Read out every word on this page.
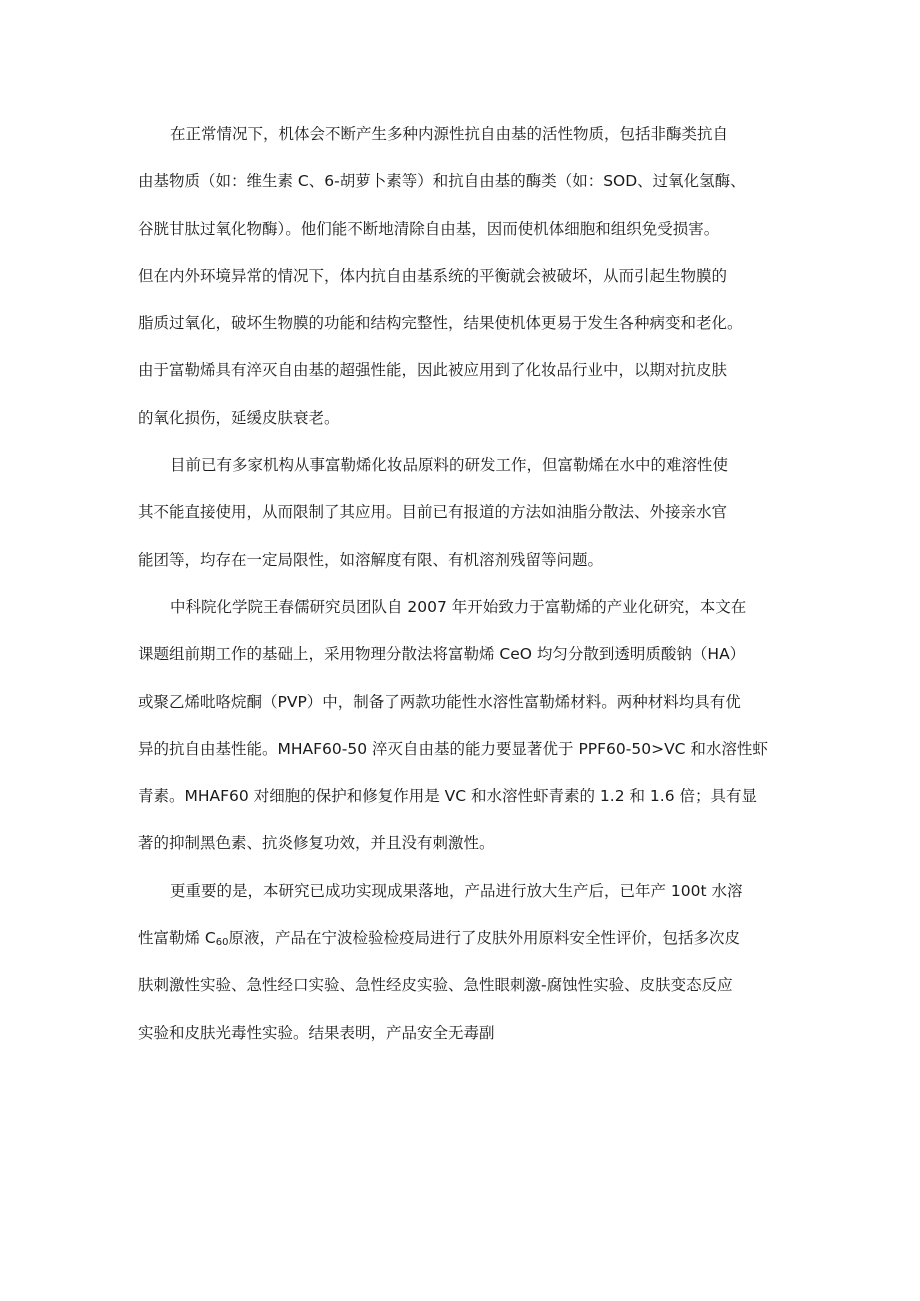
在正常情况下，机体会不断产生多种内源性抗自由基的活性物质，包括非酶类抗自
由基物质（如：维生素 C、6-胡萝卜素等）和抗自由基的酶类（如：SOD、过氧化氢酶、
谷胱甘肽过氧化物酶）。他们能不断地清除自由基，因而使机体细胞和组织免受损害。
但在内外环境异常的情况下，体内抗自由基系统的平衡就会被破坏，从而引起生物膜的
脂质过氧化，破坏生物膜的功能和结构完整性，结果使机体更易于发生各种病变和老化。
由于富勒烯具有淬灭自由基的超强性能，因此被应用到了化妆品行业中，以期对抗皮肤
的氧化损伤，延缓皮肤衰老。
目前已有多家机构从事富勒烯化妆品原料的研发工作，但富勒烯在水中的难溶性使
其不能直接使用，从而限制了其应用。目前已有报道的方法如油脂分散法、外接亲水官
能团等，均存在一定局限性，如溶解度有限、有机溶剂残留等问题。
中科院化学院王春儒研究员团队自 2007 年开始致力于富勒烯的产业化研究，本文在
课题组前期工作的基础上，采用物理分散法将富勒烯 CeO 均匀分散到透明质酸钠（HA）
或聚乙烯吡咯烷酮（PVP）中，制备了两款功能性水溶性富勒烯材料。两种材料均具有优
异的抗自由基性能。MHAF60-50 淬灭自由基的能力要显著优于 PPF60-50>VC 和水溶性虾
青素。MHAF60 对细胞的保护和修复作用是 VC 和水溶性虾青素的 1.2 和 1.6 倍；具有显
著的抑制黑色素、抗炎修复功效，并且没有刺激性。
更重要的是，本研究已成功实现成果落地，产品进行放大生产后，已年产 100t 水溶
性富勒烯 $C_{60}$原液，产品在宁波检验检疫局进行了皮肤外用原料安全性评价，包括多次皮
肤刺激性实验、急性经口实验、急性经皮实验、急性眼刺激-腐蚀性实验、皮肤变态反应
实验和皮肤光毒性实验。结果表明，产品安全无毒副
